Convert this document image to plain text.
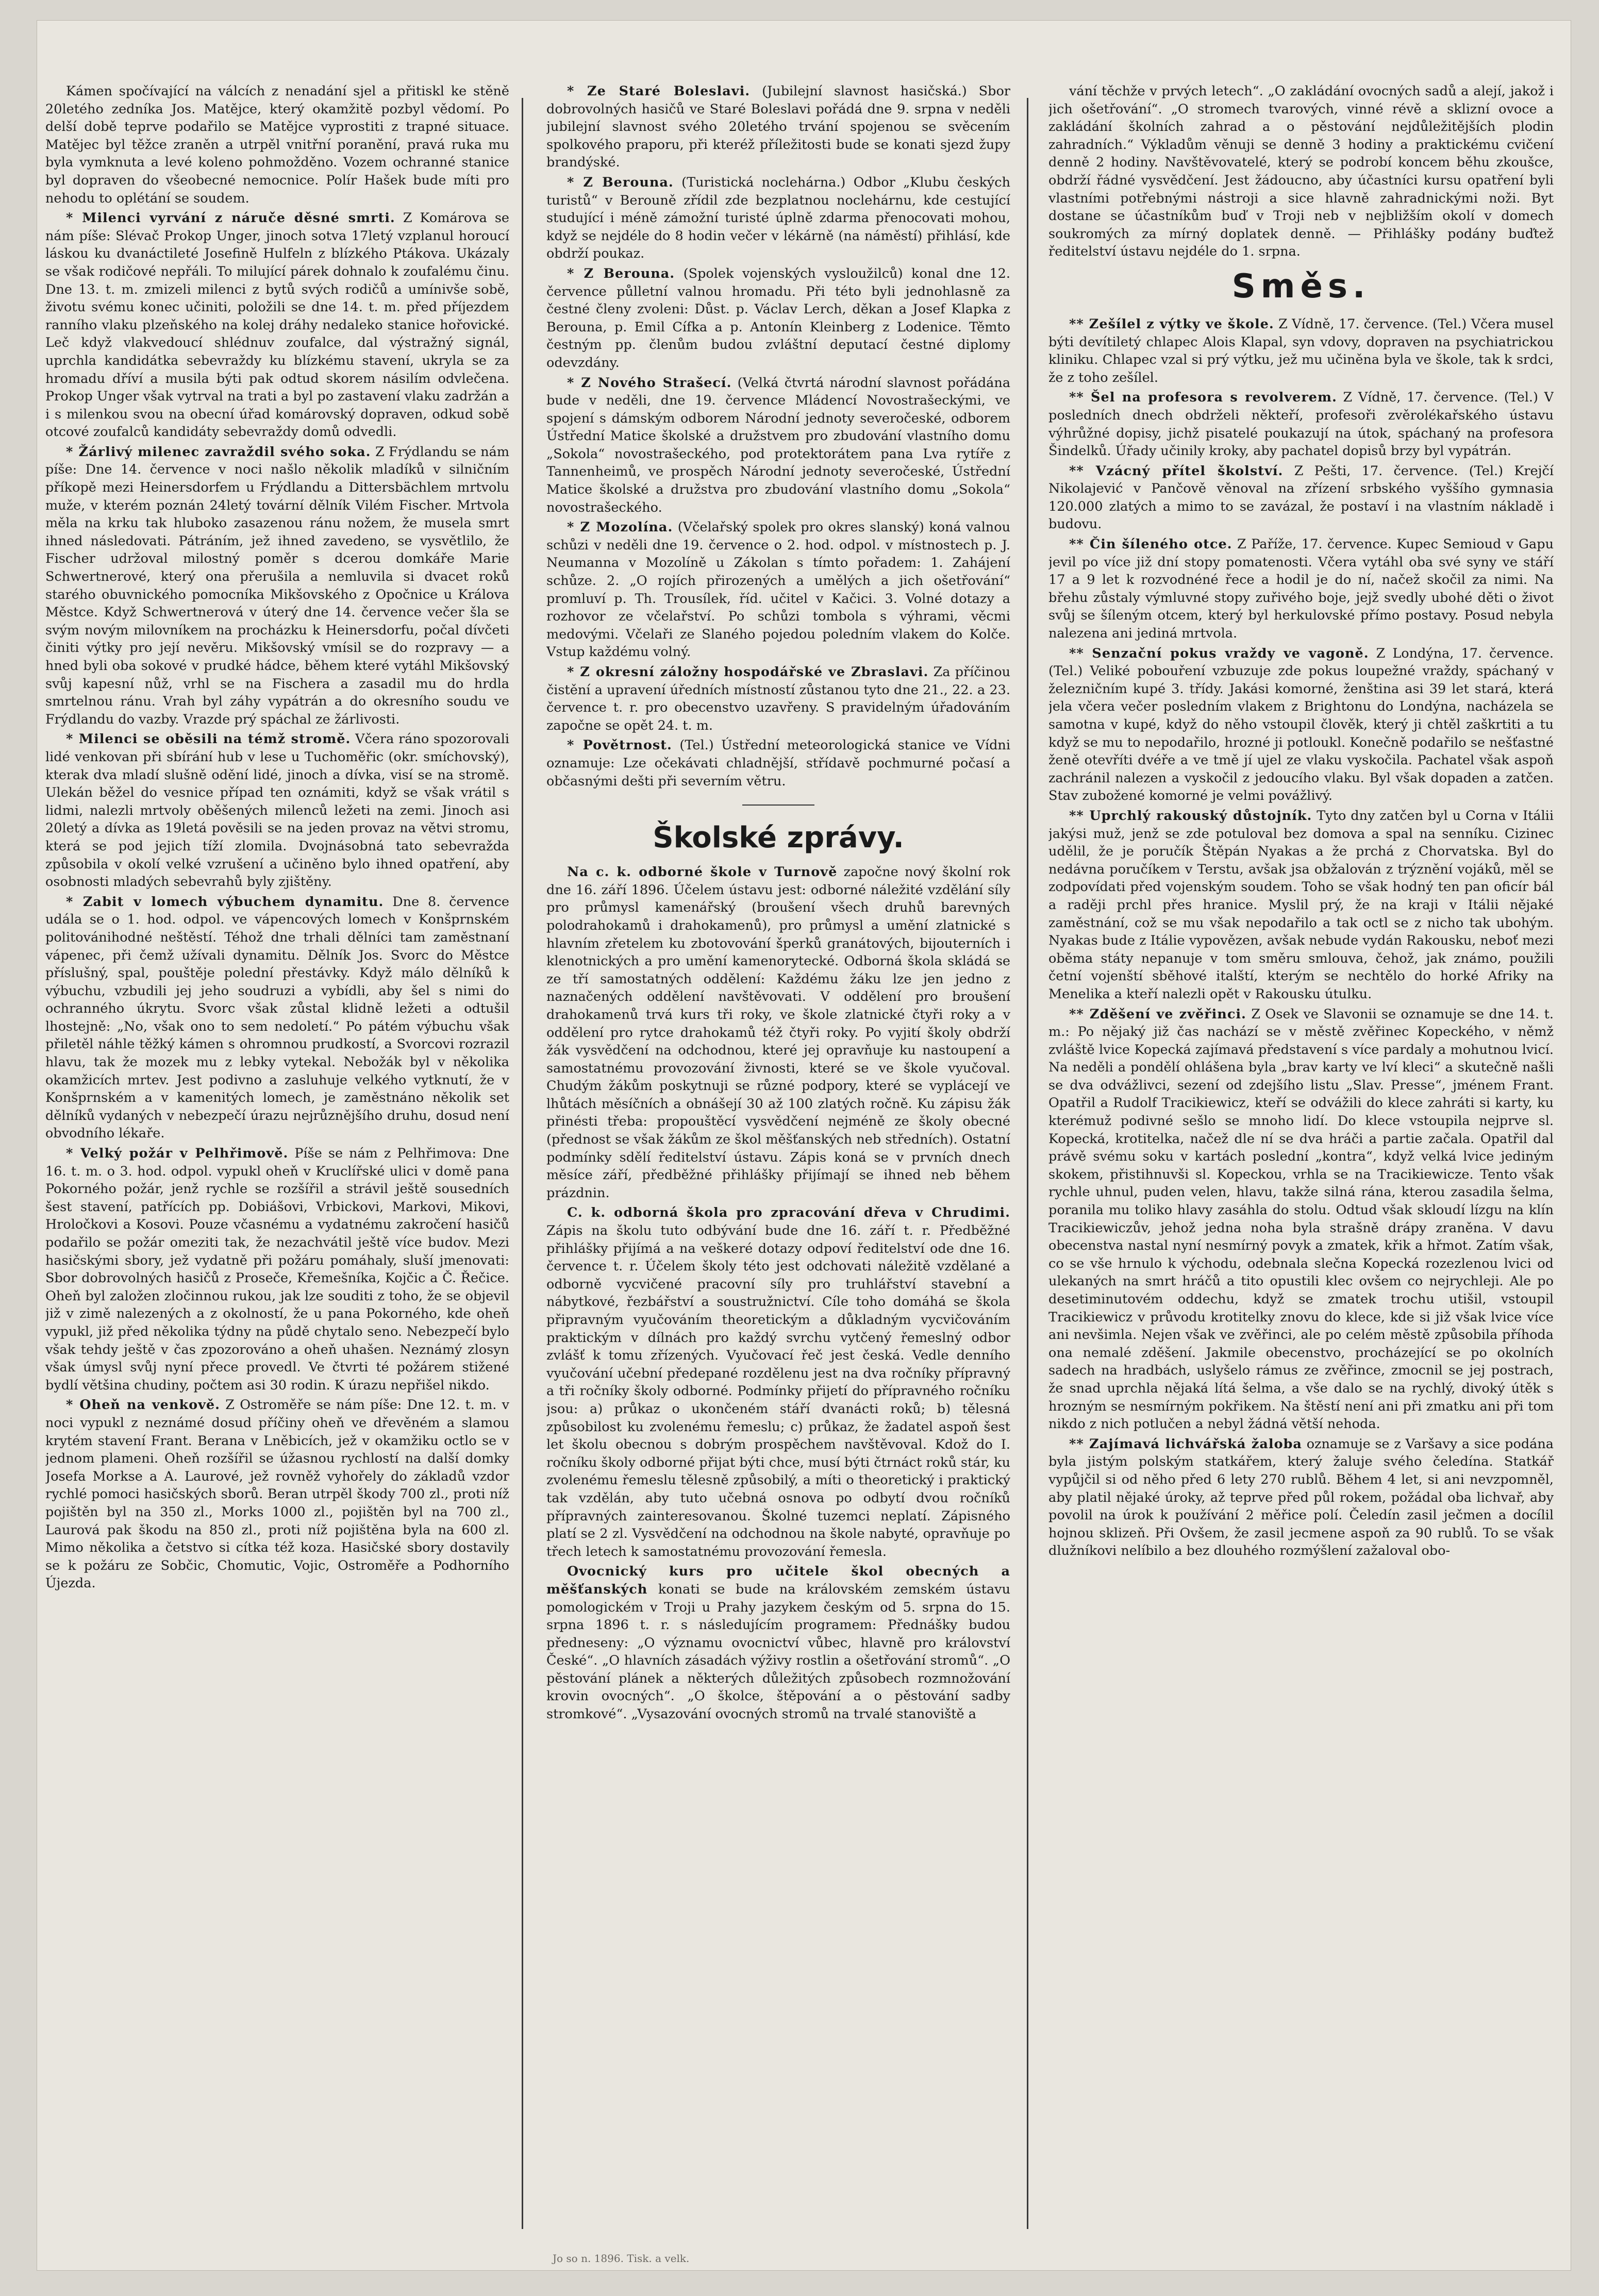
Kámen spočívající na válcích z nenadání sjel a přitiskl ke stěně 20letého zedníka Jos. Matějce, který okamžitě pozbyl vědomí. Po delší době teprve podařilo se Matějce vyprostiti z trapné situace. Matějec byl těžce zraněn a utrpěl vnitřní poranění, pravá ruka mu byla vymknuta a levé koleno pohmožděno. Vozem ochranné stanice byl dopraven do všeobecné nemocnice. Polír Hašek bude míti pro nehodu to oplétání se soudem.

* Milenci vyrvání z náruče děsné smrti. Z Komárova se nám píše: Slévač Prokop Unger, jinoch sotva 17letý vzplanul horoucí láskou ku dvanáctileté Josefině Hulfeln z blízkého Ptákova. Ukázaly se však rodičové nepřáli. To milující párek dohnalo k zoufalému činu. Dne 13. t. m. zmizeli milenci z bytů svých rodičů a umínivše sobě, životu svému konec učiniti, položili se dne 14. t. m. před příjezdem ranního vlaku plzeňského na kolej dráhy nedaleko stanice hořovické. Leč když vlakvedoucí shlédnuv zoufalce, dal výstražný signál, uprchla kandidátka sebevraždy ku blízkému stavení, ukryla se za hromadu dříví a musila býti pak odtud skorem násilím odvlečena. Prokop Unger však vytrval na trati a byl po zastavení vlaku zadržán a i s milenkou svou na obecní úřad komárovský dopraven, odkud sobě otcové zoufalců kandidáty sebevraždy domů odvedli.

* Žárlivý milenec zavraždil svého soka. Z Frýdlandu se nám píše: Dne 14. července v noci našlo několik mladíků v silničním příkopě mezi Heinersdorfem u Frýdlandu a Dittersbächlem mrtvolu muže, v kterém poznán 24letý tovární dělník Vilém Fischer. Mrtvola měla na krku tak hluboko zasazenou ránu nožem, že musela smrt ihned následovati. Pátráním, jež ihned zavedeno, se vysvětlilo, že Fischer udržoval milostný poměr s dcerou domkáře Marie Schwertnerové, který ona přerušila a nemluvila si dvacet roků starého obuvnického pomocníka Mikšovského z Opočnice u Králova Městce. Když Schwertnerová v úterý dne 14. července večer šla se svým novým milovníkem na procházku k Heinersdorfu, počal dívčeti činiti výtky pro její nevěru. Mikšovský vmísil se do rozpravy — a hned byli oba sokové v prudké hádce, během které vytáhl Mikšovský svůj kapesní nůž, vrhl se na Fischera a zasadil mu do hrdla smrtelnou ránu. Vrah byl záhy vypátrán a do okresního soudu ve Frýdlandu do vazby. Vrazde prý spáchal ze žárlivosti.

* Milenci se oběsili na témž stromě. Včera ráno spozorovali lidé venkovan při sbírání hub v lese u Tuchoměřic (okr. smíchovský), kterak dva mladí slušně odění lidé, jinoch a dívka, visí se na stromě. Ulekán běžel do vesnice případ ten oznámiti, když se však vrátil s lidmi, nalezli mrtvoly oběšených milenců ležeti na zemi. Jinoch asi 20letý a dívka as 19letá pověsili se na jeden provaz na větvi stromu, která se pod jejich tíží zlomila. Dvojnásobná tato sebevražda způsobila v okolí velké vzrušení a učiněno bylo ihned opatření, aby osobnosti mladých sebevrahů byly zjištěny.

* Zabit v lomech výbuchem dynamitu. Dne 8. července udála se o 1. hod. odpol. ve vápencových lomech v Konšprnském politovánihodné neštěstí. Téhož dne trhali dělníci tam zaměstnaní vápenec, při čemž užívali dynamitu. Dělník Jos. Svorc do Městce příslušný, spal, pouštěje polední přestávky. Když málo dělníků k výbuchu, vzbudili jej jeho soudruzi a vybídli, aby šel s nimi do ochranného úkrytu. Svorc však zůstal klidně ležeti a odtušil lhostejně: „No, však ono to sem nedoletí.“ Po pátém výbuchu však přiletěl náhle těžký kámen s ohromnou prudkostí, a Svorcovi rozrazil hlavu, tak že mozek mu z lebky vytekal. Nebožák byl v několika okamžicích mrtev. Jest podivno a zasluhuje velkého vytknutí, že v Konšprnském a v kamenitých lomech, je zaměstnáno několik set dělníků vydaných v nebezpečí úrazu nejrůznějšího druhu, dosud není obvodního lékaře.

* Velký požár v Pelhřimově. Píše se nám z Pelhřimova: Dne 16. t. m. o 3. hod. odpol. vypukl oheň v Kruclířské ulici v domě pana Pokorného požár, jenž rychle se rozšířil a strávil ještě sousedních šest stavení, patřících pp. Dobiášovi, Vrbickovi, Markovi, Mikovi, Hroločkovi a Kosovi. Pouze včasnému a vydatnému zakročení hasičů podařilo se požár omeziti tak, že nezachvátil ještě více budov. Mezi hasičskými sbory, jež vydatně při požáru pomáhaly, sluší jmenovati: Sbor dobrovolných hasičů z Proseče, Křemešníka, Kojčic a Č. Řečice. Oheň byl založen zločinnou rukou, jak lze souditi z toho, že se objevil již v zimě nalezených a z okolností, že u pana Pokorného, kde oheň vypukl, již před několika týdny na půdě chytalo seno. Nebezpečí bylo však tehdy ještě v čas zpozorováno a oheň uhašen. Neznámý zlosyn však úmysl svůj nyní přece provedl. Ve čtvrti té požárem stižené bydlí většina chudiny, počtem asi 30 rodin. K úrazu nepřišel nikdo.

* Oheň na venkově. Z Ostroměře se nám píše: Dne 12. t. m. v noci vypukl z neznámé dosud příčiny oheň ve dřevěném a slamou krytém stavení Frant. Berana v Lněbicích, jež v okamžiku octlo se v jednom plameni. Oheň rozšířil se úžasnou rychlostí na další domky Josefa Morkse a A. Laurové, jež rovněž vyhořely do základů vzdor rychlé pomoci hasičských sborů. Beran utrpěl škody 700 zl., proti níž pojištěn byl na 350 zl., Morks 1000 zl., pojištěn byl na 700 zl., Laurová pak škodu na 850 zl., proti níž pojištěna byla na 600 zl. Mimo několika a četstvo si cítka též koza. Hasičské sbory dostavily se k požáru ze Sobčic, Chomutic, Vojic, Ostroměře a Podhorního Újezda.

* Ze Staré Boleslavi. (Jubilejní slavnost hasičská.) Sbor dobrovolných hasičů ve Staré Boleslavi pořádá dne 9. srpna v neděli jubilejní slavnost svého 20letého trvání spojenou se svěcením spolkového praporu, při kteréž příležitosti bude se konati sjezd župy brandýské.

* Z Berouna. (Turistická noclehárna.) Odbor „Klubu českých turistů“ v Berouně zřídil zde bezplatnou noclehárnu, kde cestující studující i méně zámožní turisté úplně zdarma přenocovati mohou, když se nejdéle do 8 hodin večer v lékárně (na náměstí) přihlásí, kde obdrží poukaz.

* Z Berouna. (Spolek vojenských vysloužilců) konal dne 12. července půlletní valnou hromadu. Při této byli jednohlasně za čestné členy zvoleni: Důst. p. Václav Lerch, děkan a Josef Klapka z Berouna, p. Emil Cífka a p. Antonín Kleinberg z Lodenice. Těmto čestným pp. členům budou zvláštní deputací čestné diplomy odevzdány.

* Z Nového Strašecí. (Velká čtvrtá národní slavnost pořádána bude v neděli, dne 19. července Mládencí Novostrašeckými, ve spojení s dámským odborem Národní jednoty severočeské, odborem Ústřední Matice školské a družstvem pro zbudování vlastního domu „Sokola“ novostrašeckého, pod protektorátem pana Lva rytíře z Tannenheimů, ve prospěch Národní jednoty severočeské, Ústřední Matice školské a družstva pro zbudování vlastního domu „Sokola“ novostrašeckého.

* Z Mozolína. (Včelařský spolek pro okres slanský) koná valnou schůzi v neděli dne 19. července o 2. hod. odpol. v místnostech p. J. Neumanna v Mozolíně u Zákolan s tímto pořadem: 1. Zahájení schůze. 2. „O rojích přirozených a umělých a jich ošetřování“ promluví p. Th. Trousílek, říd. učitel v Kačici. 3. Volné dotazy a rozhovor ze včelařství. Po schůzi tombola s výhrami, věcmi medovými. Včelaři ze Slaného pojedou poledním vlakem do Kolče. Vstup každému volný.

* Z okresní záložny hospodářské ve Zbraslavi. Za příčinou čistění a upravení úředních místností zůstanou tyto dne 21., 22. a 23. července t. r. pro obecenstvo uzavřeny. S pravidelným úřadováním započne se opět 24. t. m.

* Povětrnost. (Tel.) Ústřední meteorologická stanice ve Vídni oznamuje: Lze očekávati chladnější, střídavě pochmurné počasí a občasnými dešti při severním větru.

Školské zprávy.

Na c. k. odborné škole v Turnově započne nový školní rok dne 16. září 1896. Účelem ústavu jest: odborné náležité vzdělání síly pro průmysl kamenářský (broušení všech druhů barevných polodrahokamů i drahokamenů), pro průmysl a umění zlatnické s hlavním zřetelem ku zbotovování šperků granátových, bijouterních i klenotnických a pro umění kamenorytecké. Odborná škola skládá se ze tří samostatných oddělení: Každému žáku lze jen jedno z naznačených oddělení navštěvovati. V oddělení pro broušení drahokamenů trvá kurs tři roky, ve škole zlatnické čtyři roky a v oddělení pro rytce drahokamů též čtyři roky. Po vyjití školy obdrží žák vysvědčení na odchodnou, které jej opravňuje ku nastoupení a samostatnému provozování živnosti, které se ve škole vyučoval. Chudým žákům poskytnuji se různé podpory, které se vyplácejí ve lhůtách měsíčních a obnášejí 30 až 100 zlatých ročně. Ku zápisu žák přinésti třeba: propouštěcí vysvědčení nejméně ze školy obecné (přednost se však žákům ze škol měšťanských neb středních). Ostatní podmínky sdělí ředitelství ústavu. Zápis koná se v prvních dnech měsíce září, předběžné přihlášky přijímají se ihned neb během prázdnin.

C. k. odborná škola pro zpracování dřeva v Chrudimi. Zápis na školu tuto odbývání bude dne 16. září t. r. Předběžné přihlášky přijímá a na veškeré dotazy odpoví ředitelství ode dne 16. července t. r. Účelem školy této jest odchovati náležitě vzdělané a odborně vycvičené pracovní síly pro truhlářství stavební a nábytkové, řezbářství a soustružnictví. Cíle toho domáhá se škola připravným vyučováním theoretickým a důkladným vycvičováním praktickým v dílnách pro každý svrchu vytčený řemeslný odbor zvlášť k tomu zřízených. Vyučovací řeč jest česká. Vedle denního vyučování učební předepané rozdělenu jest na dva ročníky přípravný a tři ročníky školy odborné. Podmínky přijetí do přípravného ročníku jsou: a) průkaz o ukončeném stáří dvanácti roků; b) tělesná způsobilost ku zvolenému řemeslu; c) průkaz, že žadatel aspoň šest let školu obecnou s dobrým prospěchem navštěvoval. Kdož do I. ročníku školy odborné přijat býti chce, musí býti čtrnáct roků stár, ku zvolenému řemeslu tělesně způsobilý, a míti o theoretický i praktický tak vzdělán, aby tuto učebná osnova po odbytí dvou ročníků přípravných zainteresovanou. Školné tuzemci neplatí. Zápisného platí se 2 zl. Vysvědčení na odchodnou na škole nabyté, opravňuje po třech letech k samostatnému provozování řemesla.

Ovocnický kurs pro učitele škol obecných a měšťanských konati se bude na královském zemském ústavu pomologickém v Troji u Prahy jazykem českým od 5. srpna do 15. srpna 1896 t. r. s následujícím programem: Přednášky budou předneseny: „O významu ovocnictví vůbec, hlavně pro království České“. „O hlavních zásadách výživy rostlin a ošetřování stromů“. „O pěstování plánek a některých důležitých způsobech rozmnožování krovin ovocných“. „O školce, štěpování a o pěstování sadby stromkové“. „Vysazování ovocných stromů na trvalé stanoviště a

vání těchže v prvých letech“. „O zakládání ovocných sadů a alejí, jakož i jich ošetřování“. „O stromech tvarových, vinné révě a sklizní ovoce a zakládání školních zahrad a o pěstování nejdůležitějších plodin zahradních.“ Výkladům věnuji se denně 3 hodiny a praktickému cvičení denně 2 hodiny. Navštěvovatelé, který se podrobí koncem běhu zkoušce, obdrží řádné vysvědčení. Jest žádoucno, aby účastníci kursu opatření byli vlastními potřebnými nástroji a sice hlavně zahradnickými noži. Byt dostane se účastníkům buď v Troji neb v nejbližším okolí v domech soukromých za mírný doplatek denně. — Přihlášky podány buďtež ředitelství ústavu nejdéle do 1. srpna.

Směs.

** Zešílel z výtky ve škole. Z Vídně, 17. července. (Tel.) Včera musel býti devítiletý chlapec Alois Klapal, syn vdovy, dopraven na psychiatrickou kliniku. Chlapec vzal si prý výtku, jež mu učiněna byla ve škole, tak k srdci, že z toho zešílel.

** Šel na profesora s revolverem. Z Vídně, 17. července. (Tel.) V posledních dnech obdrželi někteří, profesoři zvěrolékařského ústavu výhrůžné dopisy, jichž pisatelé poukazují na útok, spáchaný na profesora Šindelků. Úřady učinily kroky, aby pachatel dopisů brzy byl vypátrán.

** Vzácný přítel školství. Z Pešti, 17. července. (Tel.) Krejčí Nikolajević v Pančově věnoval na zřízení srbského vyššího gymnasia 120.000 zlatých a mimo to se zavázal, že postaví i na vlastním nákladě i budovu.

** Čin šíleného otce. Z Paříže, 17. července. Kupec Semioud v Gapu jevil po více již dní stopy pomatenosti. Včera vytáhl oba své syny ve stáří 17 a 9 let k rozvodnéné řece a hodil je do ní, načež skočil za nimi. Na břehu zůstaly výmluvné stopy zuřivého boje, jejž svedly ubohé děti o život svůj se šíleným otcem, který byl herkulovské přímo postavy. Posud nebyla nalezena ani jediná mrtvola.

** Senzační pokus vraždy ve vagoně. Z Londýna, 17. července. (Tel.) Veliké pobouření vzbuzuje zde pokus loupežné vraždy, spáchaný v železničním kupé 3. třídy. Jakási komorné, ženština asi 39 let stará, která jela včera večer posledním vlakem z Brightonu do Londýna, nacházela se samotna v kupé, když do něho vstoupil člověk, který ji chtěl zaškrtiti a tu když se mu to nepodařilo, hrozné ji potloukl. Konečně podařilo se nešťastné ženě otevříti dvéře a ve tmě jí ujel ze vlaku vyskočila. Pachatel však aspoň zachránil nalezen a vyskočil z jedoucího vlaku. Byl však dopaden a zatčen. Stav zubožené komorné je velmi povážlivý.

** Uprchlý rakouský důstojník. Tyto dny zatčen byl u Corna v Itálii jakýsi muž, jenž se zde potuloval bez domova a spal na senníku. Cizinec udělil, že je poručík Štěpán Nyakas a že prchá z Chorvatska. Byl do nedávna poručíkem v Terstu, avšak jsa obžalován z trýznění vojáků, měl se zodpovídati před vojenským soudem. Toho se však hodný ten pan oficír bál a raději prchl přes hranice. Myslil prý, že na kraji v Itálii nějaké zaměstnání, což se mu však nepodařilo a tak octl se z nicho tak ubohým. Nyakas bude z Itálie vypovězen, avšak nebude vydán Rakousku, neboť mezi oběma státy nepanuje v tom směru smlouva, čehož, jak známo, použili četní vojenští sběhové italští, kterým se nechtělo do horké Afriky na Menelika a kteří nalezli opět v Rakousku útulku.

** Zděšení ve zvěřinci. Z Osek ve Slavonii se oznamuje se dne 14. t. m.: Po nějaký již čas nachází se v městě zvěřinec Kopeckého, v němž zvláště lvice Kopecká zajímavá představení s více pardaly a mohutnou lvicí. Na neděli a pondělí ohlášena byla „brav karty ve lví kleci“ a skutečně našli se dva odvážlivci, sezení od zdejšího listu „Slav. Presse“, jménem Frant. Opatřil a Rudolf Tracikiewicz, kteří se odvážili do klece zahráti si karty, ku kterémuž podivné sešlo se mnoho lidí. Do klece vstoupila nejprve sl. Kopecká, krotitelka, načež dle ní se dva hráči a partie začala. Opatřil dal právě svému soku v kartách poslední „kontra“, když velká lvice jediným skokem, přistihnuvši sl. Kopeckou, vrhla se na Tracikiewicze. Tento však rychle uhnul, puden velen, hlavu, takže silná rána, kterou zasadila šelma, poranila mu toliko hlavy zasáhla do stolu. Odtud však skloudí lízgu na klín Tracikiewiczův, jehož jedna noha byla strašně drápy zraněna. V davu obecenstva nastal nyní nesmírný povyk a zmatek, křik a hřmot. Zatím však, co se vše hrnulo k východu, odebnala slečna Kopecká rozezlenou lvici od ulekaných na smrt hráčů a tito opustili klec ovšem co nejrychleji. Ale po desetiminutovém oddechu, když se zmatek trochu utišil, vstoupil Tracikiewicz v průvodu krotitelky znovu do klece, kde si již však lvice více ani nevšimla. Nejen však ve zvěřinci, ale po celém městě způsobila příhoda ona nemalé zděšení. Jakmile obecenstvo, procházející se po okolních sadech na hradbách, uslyšelo rámus ze zvěřince, zmocnil se jej postrach, že snad uprchla nějaká lítá šelma, a vše dalo se na rychlý, divoký útěk s hrozným se nesmírným pokřikem. Na štěstí není ani při zmatku ani při tom nikdo z nich potlučen a nebyl žádná větší nehoda.

** Zajímavá lichvářská žaloba oznamuje se z Varšavy a sice podána byla jistým polským statkářem, který žaluje svého čeledína. Statkář vypůjčil si od něho před 6 lety 270 rublů. Během 4 let, si ani nevzpomněl, aby platil nějaké úroky, až teprve před půl rokem, požádal oba lichvař, aby povolil na úrok k používání 2 měřice polí. Čeledín zasil ječmen a docílil hojnou sklizeň. Při Ovšem, že zasil jecmene aspoň za 90 rublů. To se však dlužníkovi nelíbilo a bez dlouhého rozmýšlení zažaloval obo-

Jo so n. 1896. Tisk. a velk.
